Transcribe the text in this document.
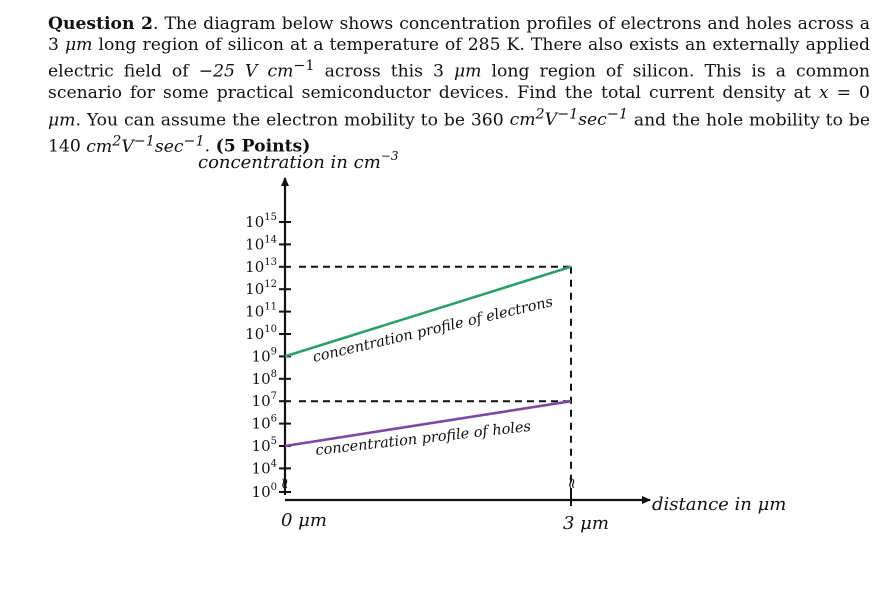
Question 2. The diagram below shows concentration profiles of electrons and holes across a 3 μm long region of silicon at a temperature of 285 K. There also exists an externally applied electric field of −25 V $cm^{-1}$ across this 3 μm long region of silicon. This is a common scenario for some practical semiconductor devices. Find the total current density at x = 0 μm. You can assume the electron mobility to be 360 $cm^2V^{-1}\sec^{-1}$ and the hole mobility to be 140 $cm^2V^{-1}\sec^{-1}$. (5 Points)
concentration in $cm^{-3}$
distance in μm
$10^{15}$
$10^{14}$
$10^{13}$
$10^{12}$
$10^{11}$
$10^{10}$
$10^9$
$10^8$
$10^7$
$10^6$
$10^5$
$10^4$
$10^0$ ≈	≈
0 μm	3 μm
concentration profile of electrons
concentration profile of holes
